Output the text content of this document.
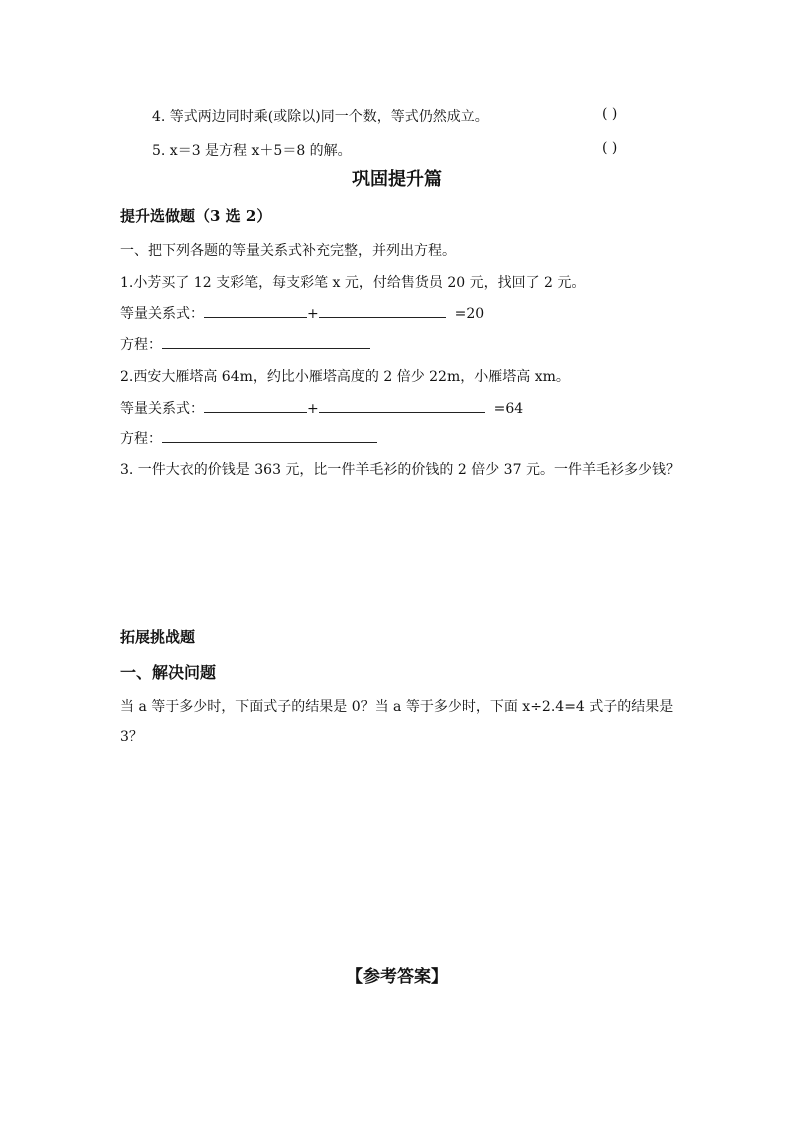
4. 等式两边同时乘(或除以)同一个数，等式仍然成立。	( )
5. x＝3 是方程 x＋5＝8 的解。	( )
巩固提升篇
提升选做题（3 选 2）
一、把下列各题的等量关系式补充完整，并列出方程。
1.小芳买了 12 支彩笔，每支彩笔 x 元，付给售货员 20 元，找回了 2 元。
等量关系式：	+	=20
方程：
2.西安大雁塔高 64m，约比小雁塔高度的 2 倍少 22m，小雁塔高 xm。
等量关系式：	+	=64
方程：
3. 一件大衣的价钱是 363 元，比一件羊毛衫的价钱的 2 倍少 37 元。一件羊毛衫多少钱？
拓展挑战题
一、解决问题
当 a 等于多少时，下面式子的结果是 0？当 a 等于多少时，下面 x÷2.4=4 式子的结果是 3？
【参考答案】
